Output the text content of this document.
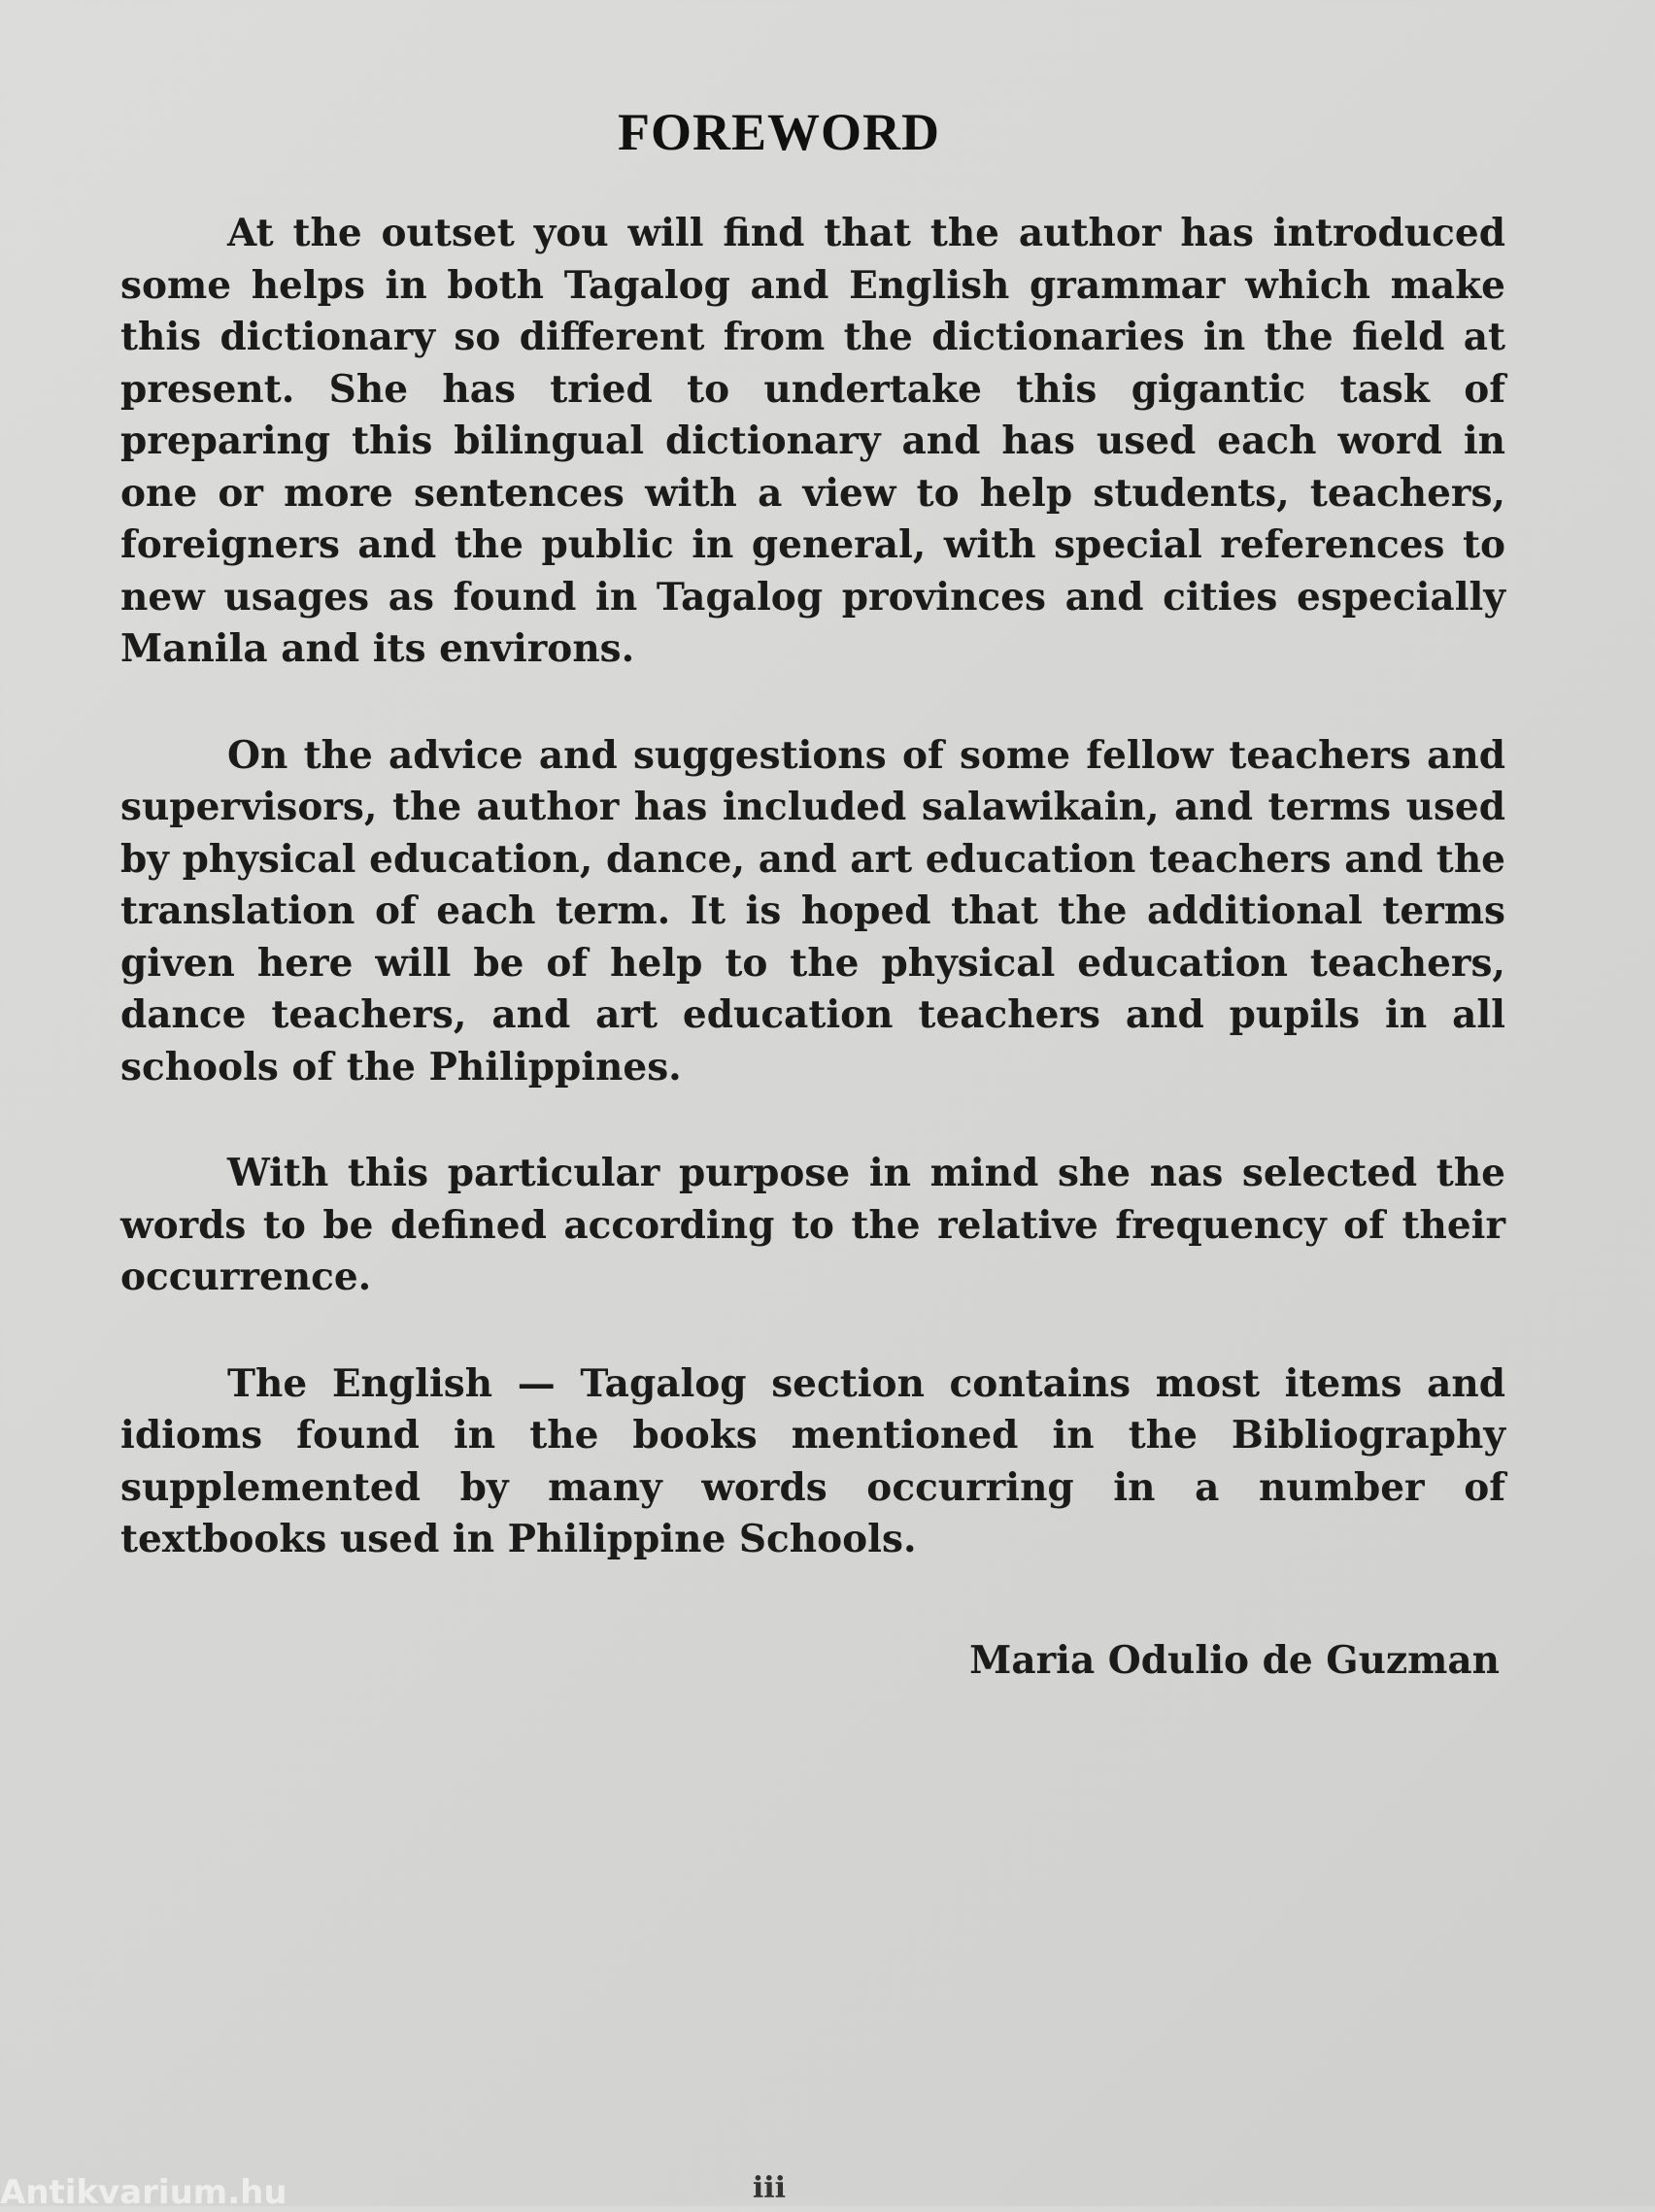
FOREWORD

At the outset you will find that the author has introduced some helps in both Tagalog and English grammar which make this dictionary so different from the dictionaries in the field at present. She has tried to undertake this gigantic task of preparing this bilingual dictionary and has used each word in one or more sentences with a view to help students, teachers, foreigners and the public in general, with special references to new usages as found in Tagalog provinces and cities especially Manila and its environs.

On the advice and suggestions of some fellow teachers and supervisors, the author has included salawikain, and terms used by physical education, dance, and art education teachers and the translation of each term. It is hoped that the additional terms given here will be of help to the physical education teachers, dance teachers, and art education teachers and pupils in all schools of the Philippines.

With this particular purpose in mind she nas selected the words to be defined according to the relative frequency of their occurrence.

The English — Tagalog section contains most items and idioms found in the books mentioned in the Bibliography supplemented by many words occurring in a number of textbooks used in Philippine Schools.

Maria Odulio de Guzman

Antikvarium.hu	iii
